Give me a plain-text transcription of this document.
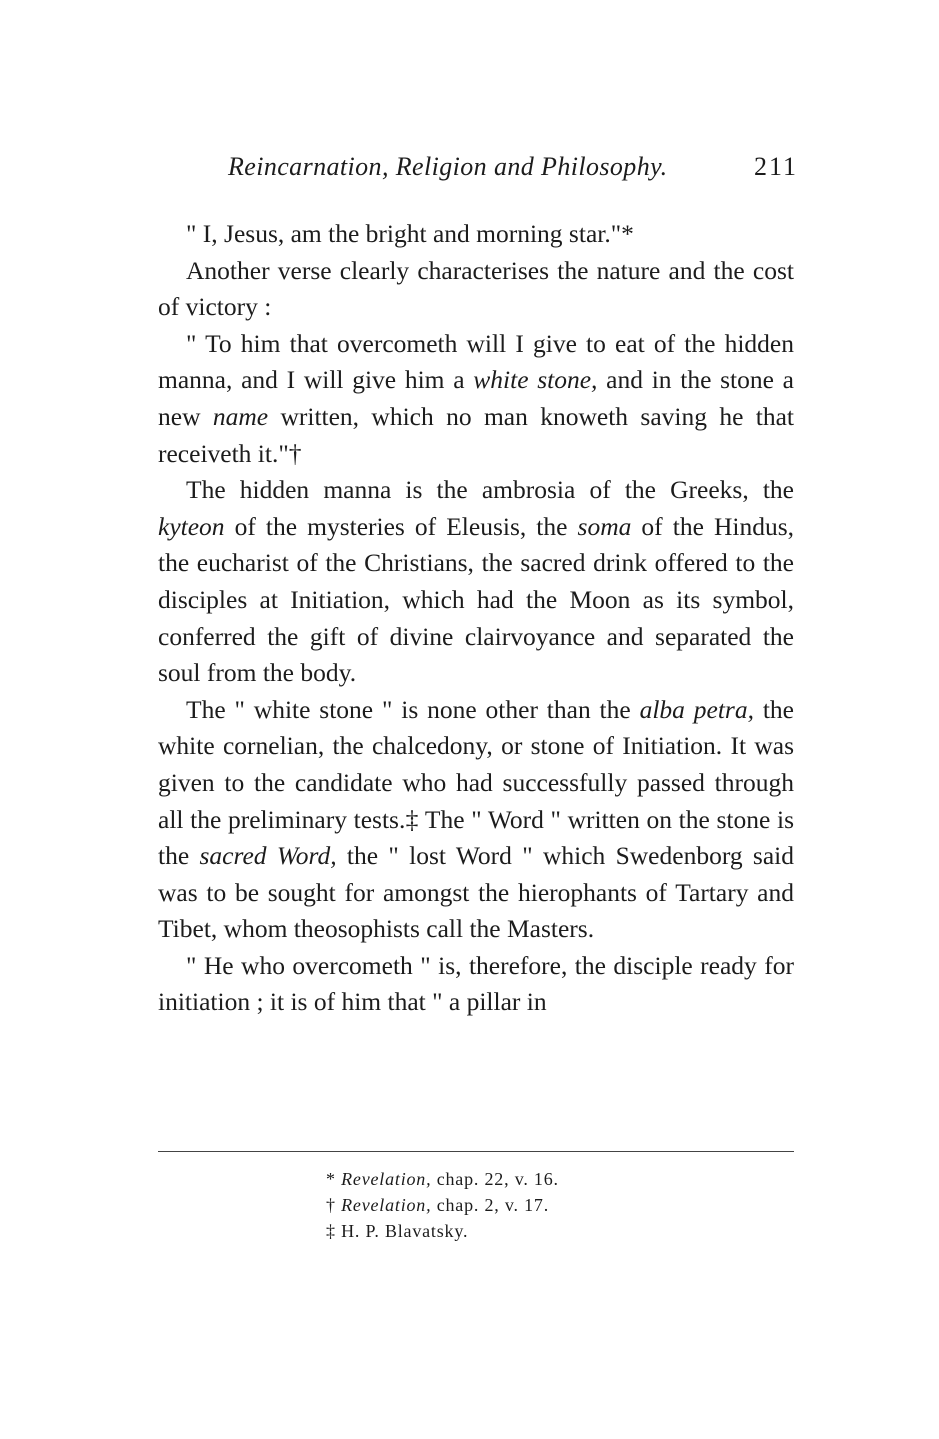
Reincarnation, Religion and Philosophy.	211

" I, Jesus, am the bright and morning star."*

Another verse clearly characterises the nature and the cost of victory :

" To him that overcometh will I give to eat of the hidden manna, and I will give him a white stone, and in the stone a new name written, which no man knoweth saving he that receiveth it."†

The hidden manna is the ambrosia of the Greeks, the kyteon of the mysteries of Eleusis, the soma of the Hindus, the eucharist of the Christians, the sacred drink offered to the disciples at Initiation, which had the Moon as its symbol, conferred the gift of divine clairvoyance and separated the soul from the body.

The " white stone " is none other than the alba petra, the white cornelian, the chalcedony, or stone of Initiation. It was given to the candidate who had successfully passed through all the preliminary tests.‡ The " Word " written on the stone is the sacred Word, the " lost Word " which Swedenborg said was to be sought for amongst the hierophants of Tartary and Tibet, whom theosophists call the Masters.

" He who overcometh " is, therefore, the disciple ready for initiation ; it is of him that " a pillar in

* Revelation, chap. 22, v. 16.
† Revelation, chap. 2, v. 17.
‡ H. P. Blavatsky.
